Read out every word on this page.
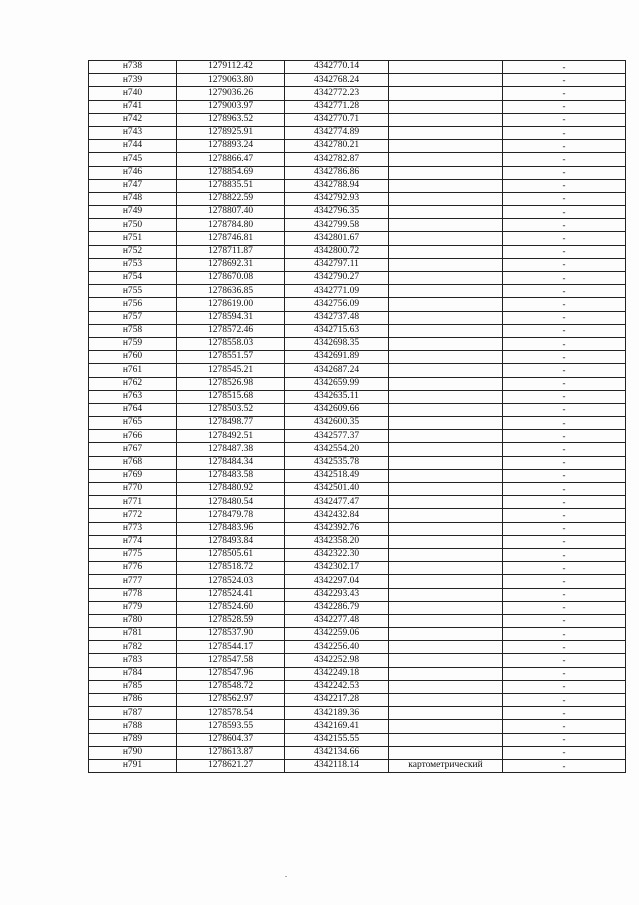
н738	1279112.42	4342770.14		-
н739	1279063.80	4342768.24		-
н740	1279036.26	4342772.23		-
н741	1279003.97	4342771.28		-
н742	1278963.52	4342770.71		-
н743	1278925.91	4342774.89		-
н744	1278893.24	4342780.21		-
н745	1278866.47	4342782.87		-
н746	1278854.69	4342786.86		-
н747	1278835.51	4342788.94		-
н748	1278822.59	4342792.93		-
н749	1278807.40	4342796.35		-
н750	1278784.80	4342799.58		-
н751	1278746.81	4342801.67		-
н752	1278711.87	4342800.72		-
н753	1278692.31	4342797.11		-
н754	1278670.08	4342790.27		-
н755	1278636.85	4342771.09		-
н756	1278619.00	4342756.09		-
н757	1278594.31	4342737.48		-
н758	1278572.46	4342715.63		-
н759	1278558.03	4342698.35		-
н760	1278551.57	4342691.89		-
н761	1278545.21	4342687.24		-
н762	1278526.98	4342659.99		-
н763	1278515.68	4342635.11		-
н764	1278503.52	4342609.66		-
н765	1278498.77	4342600.35		-
н766	1278492.51	4342577.37		-
н767	1278487.38	4342554.20		-
н768	1278484.34	4342535.78		-
н769	1278483.58	4342518.49		-
н770	1278480.92	4342501.40		-
н771	1278480.54	4342477.47		-
н772	1278479.78	4342432.84		-
н773	1278483.96	4342392.76		-
н774	1278493.84	4342358.20		-
н775	1278505.61	4342322.30		-
н776	1278518.72	4342302.17		-
н777	1278524.03	4342297.04		-
н778	1278524.41	4342293.43		-
н779	1278524.60	4342286.79		-
н780	1278528.59	4342277.48		-
н781	1278537.90	4342259.06		-
н782	1278544.17	4342256.40		-
н783	1278547.58	4342252.98		-
н784	1278547.96	4342249.18		-
н785	1278548.72	4342242.53		-
н786	1278562.97	4342217.28		-
н787	1278578.54	4342189.36		-
н788	1278593.55	4342169.41		-
н789	1278604.37	4342155.55		-
н790	1278613.87	4342134.66		-
н791	1278621.27	4342118.14	картометрический	-
